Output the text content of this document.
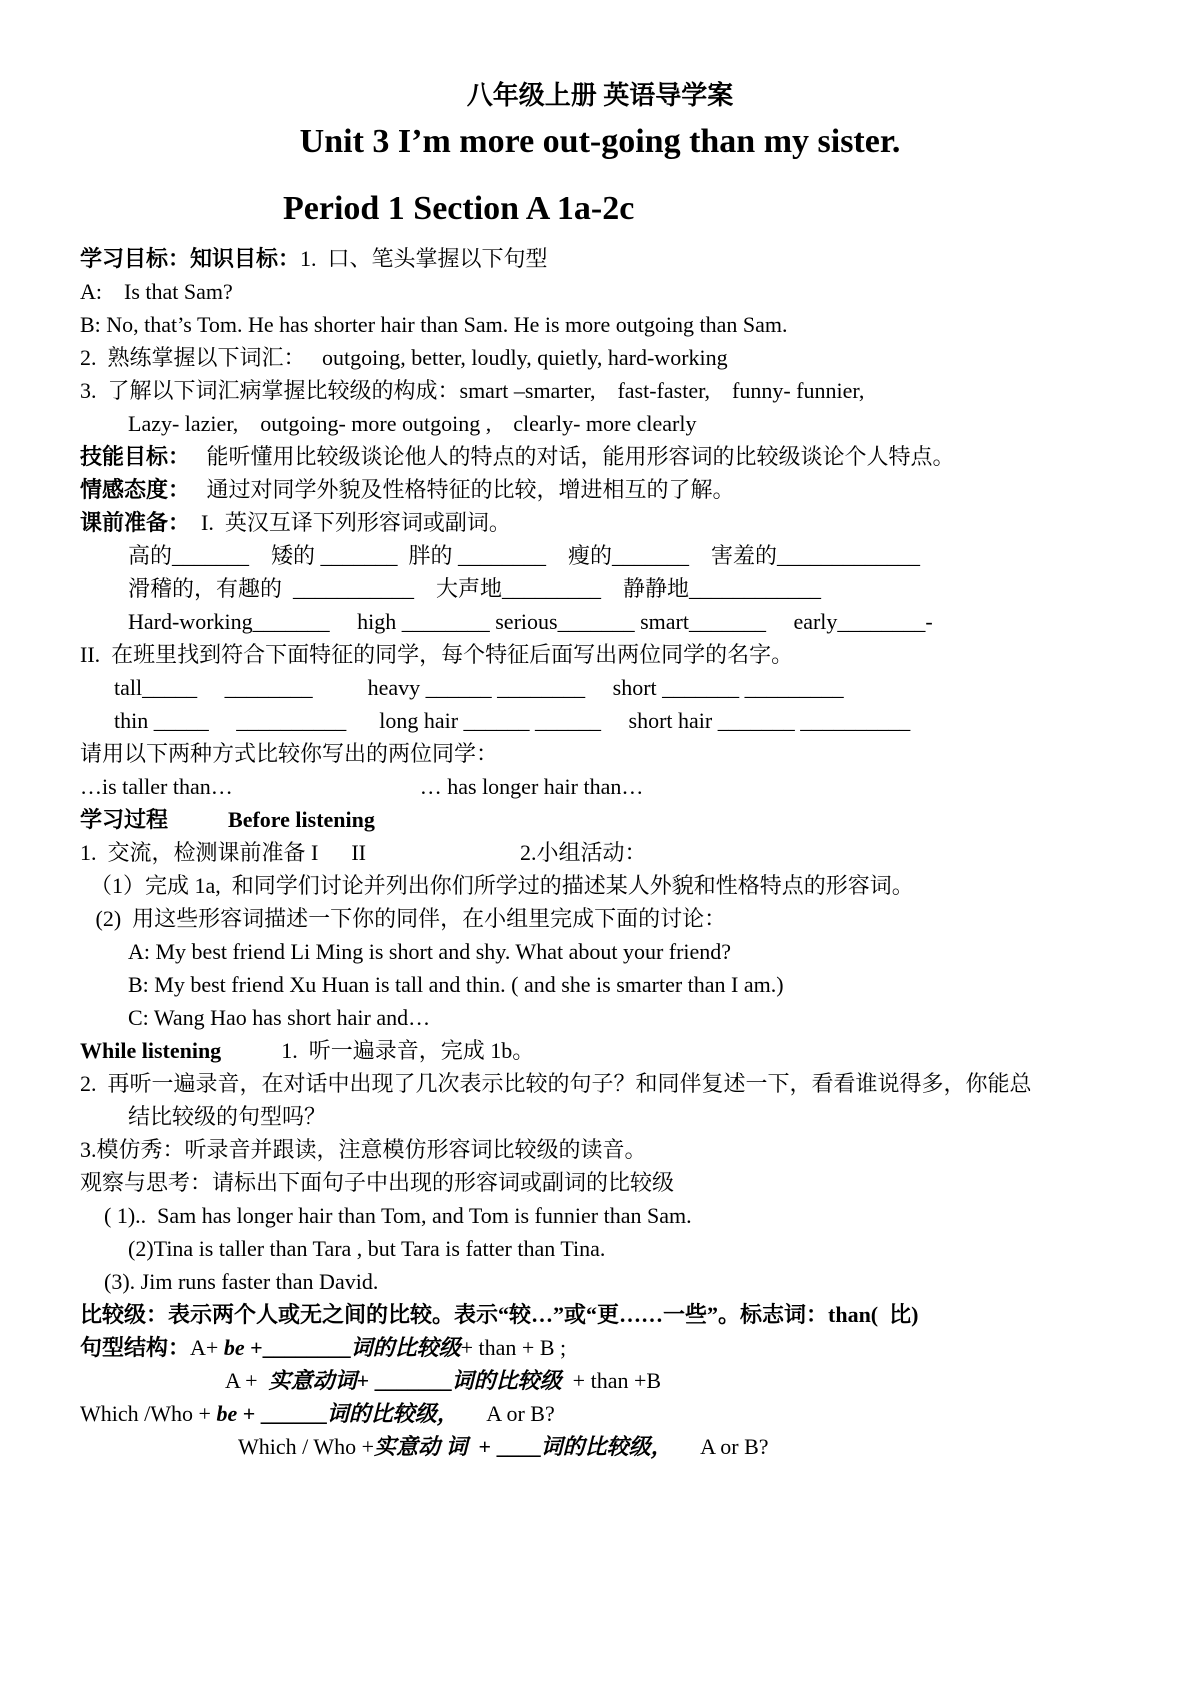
八年级上册 英语导学案
Unit 3 I’m more out-going than my sister.
Period 1 Section A 1a-2c
学习目标：知识目标：1.  口、笔头掌握以下句型
A:    Is that Sam?
B: No, that’s Tom. He has shorter hair than Sam. He is more outgoing than Sam.
2.  熟练掌握以下词汇：   outgoing, better, loudly, quietly, hard-working
3.  了解以下词汇病掌握比较级的构成：smart –smarter,    fast-faster,    funny- funnier,
Lazy- lazier,    outgoing- more outgoing ,    clearly- more clearly
技能目标：   能听懂用比较级谈论他人的特点的对话，能用形容词的比较级谈论个人特点。
情感态度：   通过对同学外貌及性格特征的比较，增进相互的了解。
课前准备：  I.  英汉互译下列形容词或副词。
高的_______    矮的 _______  胖的 ________    瘦的_______    害羞的_____________
滑稽的，有趣的  ___________    大声地_________    静静地____________
Hard-working_______     high ________ serious_______ smart_______     early________-
II.  在班里找到符合下面特征的同学，每个特征后面写出两位同学的名字。
tall_____     ________          heavy ______ ________     short _______ _________
thin _____     __________      long hair ______ ______     short hair _______ __________
请用以下两种方式比较你写出的两位同学：
…is taller than…                                  … has longer hair than…
学习过程	Before listening
1.  交流，检测课前准备 I      II                            2.小组活动：
（1）完成 1a,  和同学们讨论并列出你们所学过的描述某人外貌和性格特点的形容词。
(2)  用这些形容词描述一下你的同伴，在小组里完成下面的讨论：
A: My best friend Li Ming is short and shy. What about your friend?
B: My best friend Xu Huan is tall and thin. ( and she is smarter than I am.)
C: Wang Hao has short hair and…
While listening	1.  听一遍录音，完成 1b。
2.  再听一遍录音，在对话中出现了几次表示比较的句子？和同伴复述一下，看看谁说得多，你能总
结比较级的句型吗？
3.模仿秀：听录音并跟读，注意模仿形容词比较级的读音。
观察与思考：请标出下面句子中出现的形容词或副词的比较级
( 1)..  Sam has longer hair than Tom, and Tom is funnier than Sam.
(2)Tina is taller than Tara , but Tara is fatter than Tina.
(3). Jim runs faster than David.
比较级：表示两个人或无之间的比较。表示“较…”或“更……一些”。标志词：than(  比)
句型结构：A+ be +________词的比较级+ than + B ;
A +  实意动词+ _______词的比较级  + than +B
Which /Who + be + ______词的比较级，     A or B?
Which / Who +实意动 词  + ____词的比较级，     A or B?
